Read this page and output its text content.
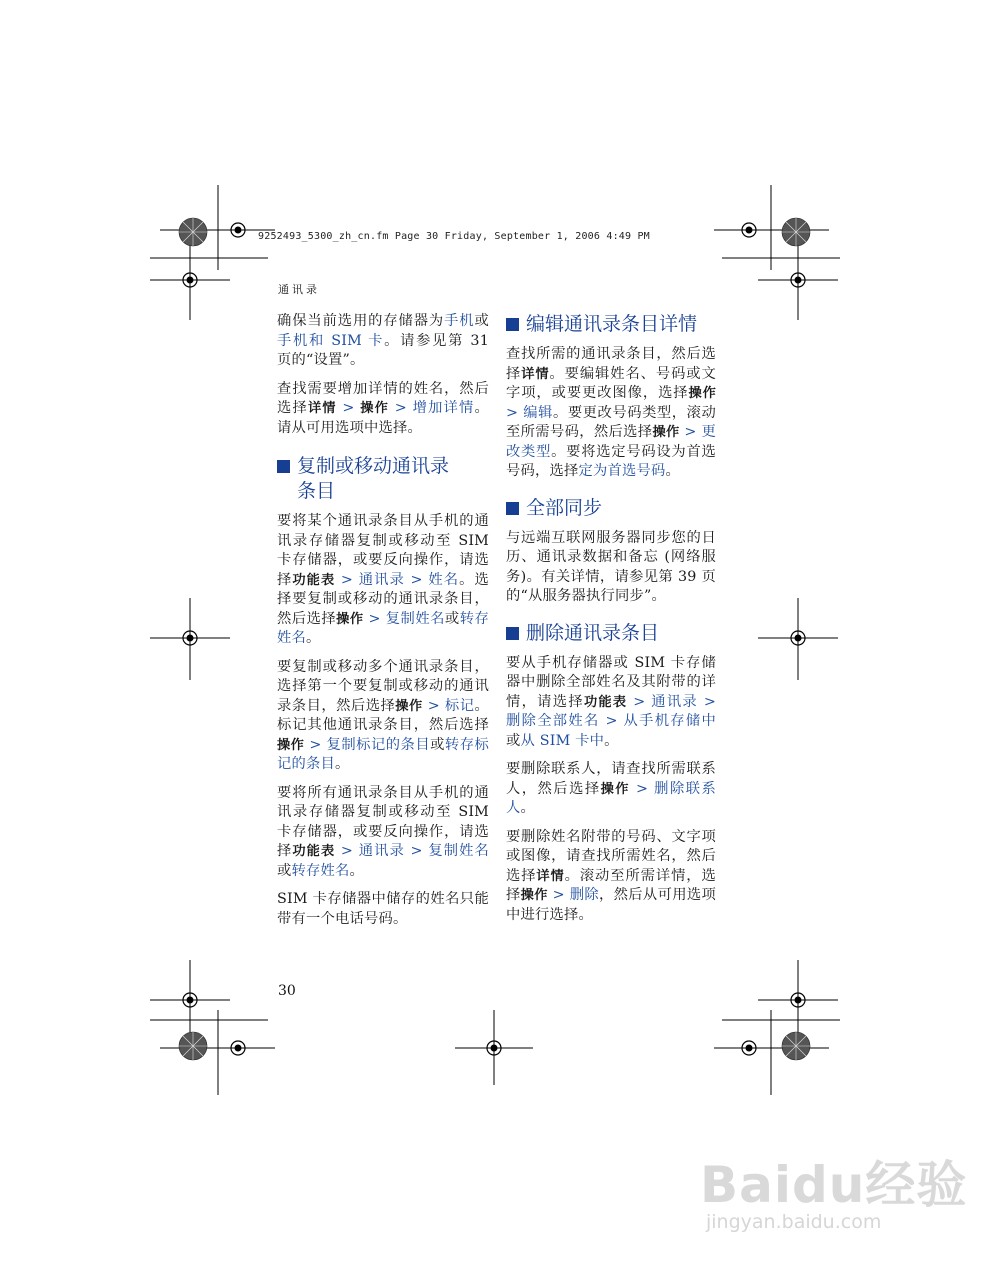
9252493_5300_zh_cn.fm Page 30 Friday, September 1, 2006 4:49 PM
通讯录

确保当前选用的存储器为手机或手机和 SIM 卡。请参见第 31 页的“设置”。

查找需要增加详情的姓名，然后选择详情 > 操作 > 增加详情。请从可用选项中选择。

复制或移动通讯录条目

要将某个通讯录条目从手机的通讯录存储器复制或移动至 SIM 卡存储器，或要反向操作，请选择功能表 > 通讯录 > 姓名。选择要复制或移动的通讯录条目，然后选择操作 > 复制姓名或转存姓名。

要复制或移动多个通讯录条目，选择第一个要复制或移动的通讯录条目，然后选择操作 > 标记。标记其他通讯录条目，然后选择操作 > 复制标记的条目或转存标记的条目。

要将所有通讯录条目从手机的通讯录存储器复制或移动至 SIM 卡存储器，或要反向操作，请选择功能表 > 通讯录 > 复制姓名或转存姓名。

SIM 卡存储器中储存的姓名只能带有一个电话号码。

编辑通讯录条目详情

查找所需的通讯录条目，然后选择详情。要编辑姓名、号码或文字项，或要更改图像，选择操作 > 编辑。要更改号码类型，滚动至所需号码，然后选择操作 > 更改类型。要将选定号码设为首选号码，选择定为首选号码。

全部同步

与远端互联网服务器同步您的日历、通讯录数据和备忘 (网络服务)。有关详情，请参见第 39 页的“从服务器执行同步”。

删除通讯录条目

要从手机存储器或 SIM 卡存储器中删除全部姓名及其附带的详情，请选择功能表 > 通讯录 > 删除全部姓名 > 从手机存储中或从 SIM 卡中。

要删除联系人，请查找所需联系人，然后选择操作 > 删除联系人。

要删除姓名附带的号码、文字项或图像，请查找所需姓名，然后选择详情。滚动至所需详情，选择操作 > 删除，然后从可用选项中进行选择。

30
Baidu经验
jingyan.baidu.com
